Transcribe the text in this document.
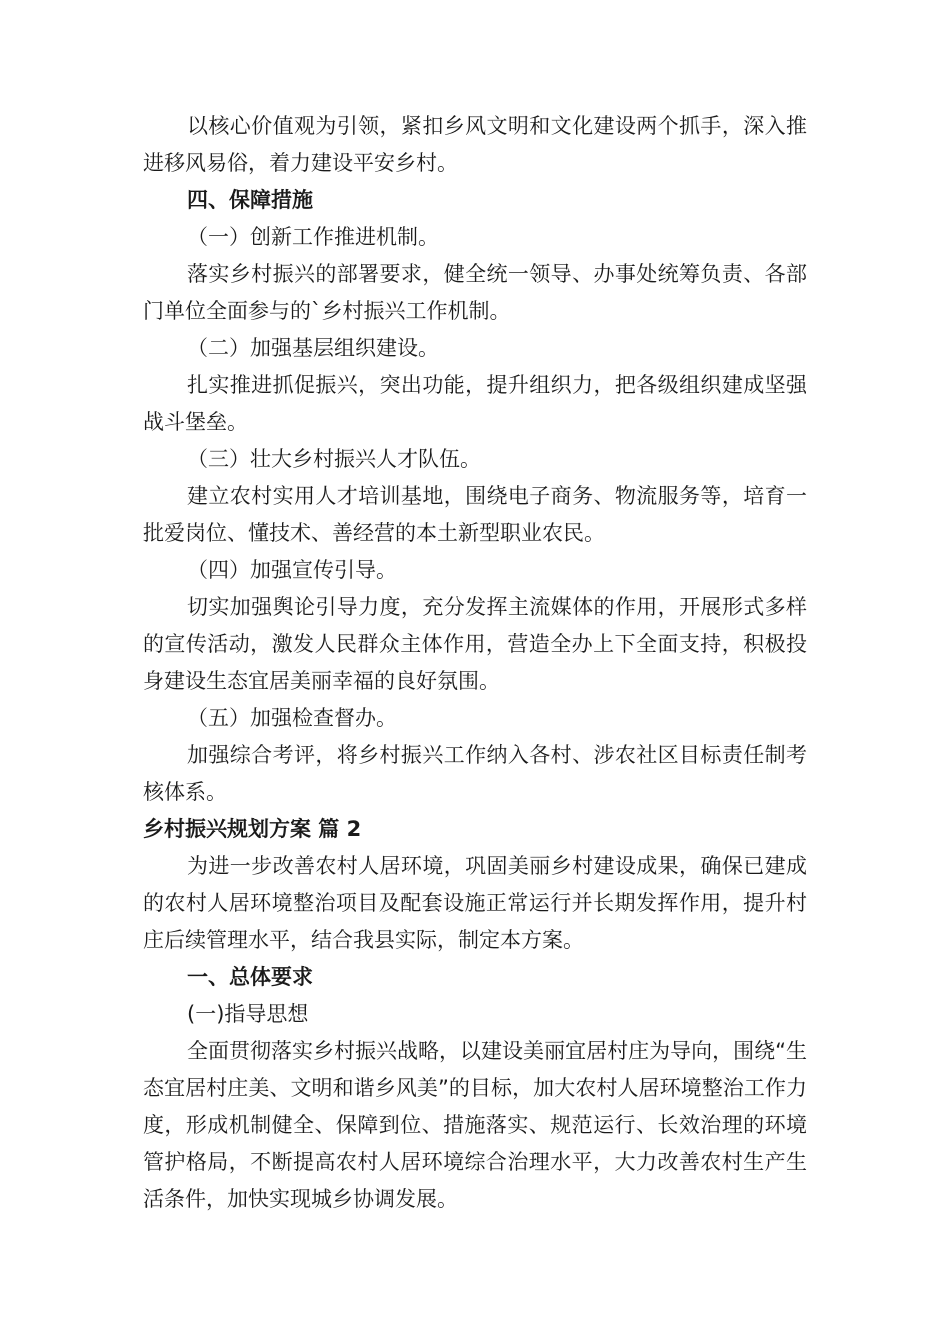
以核心价值观为引领，紧扣乡风文明和文化建设两个抓手，深入推进移风易俗，着力建设平安乡村。

四、保障措施

（一）创新工作推进机制。

落实乡村振兴的部署要求，健全统一领导、办事处统筹负责、各部门单位全面参与的`乡村振兴工作机制。

（二）加强基层组织建设。

扎实推进抓促振兴，突出功能，提升组织力，把各级组织建成坚强战斗堡垒。

（三）壮大乡村振兴人才队伍。

建立农村实用人才培训基地，围绕电子商务、物流服务等，培育一批爱岗位、懂技术、善经营的本土新型职业农民。

（四）加强宣传引导。

切实加强舆论引导力度，充分发挥主流媒体的作用，开展形式多样的宣传活动，激发人民群众主体作用，营造全办上下全面支持，积极投身建设生态宜居美丽幸福的良好氛围。

（五）加强检查督办。

加强综合考评，将乡村振兴工作纳入各村、涉农社区目标责任制考核体系。

乡村振兴规划方案 篇 2

为进一步改善农村人居环境，巩固美丽乡村建设成果，确保已建成的农村人居环境整治项目及配套设施正常运行并长期发挥作用，提升村庄后续管理水平，结合我县实际，制定本方案。

一、总体要求

(一)指导思想

全面贯彻落实乡村振兴战略，以建设美丽宜居村庄为导向，围绕“生态宜居村庄美、文明和谐乡风美”的目标，加大农村人居环境整治工作力度，形成机制健全、保障到位、措施落实、规范运行、长效治理的环境管护格局，不断提高农村人居环境综合治理水平，大力改善农村生产生活条件，加快实现城乡协调发展。
